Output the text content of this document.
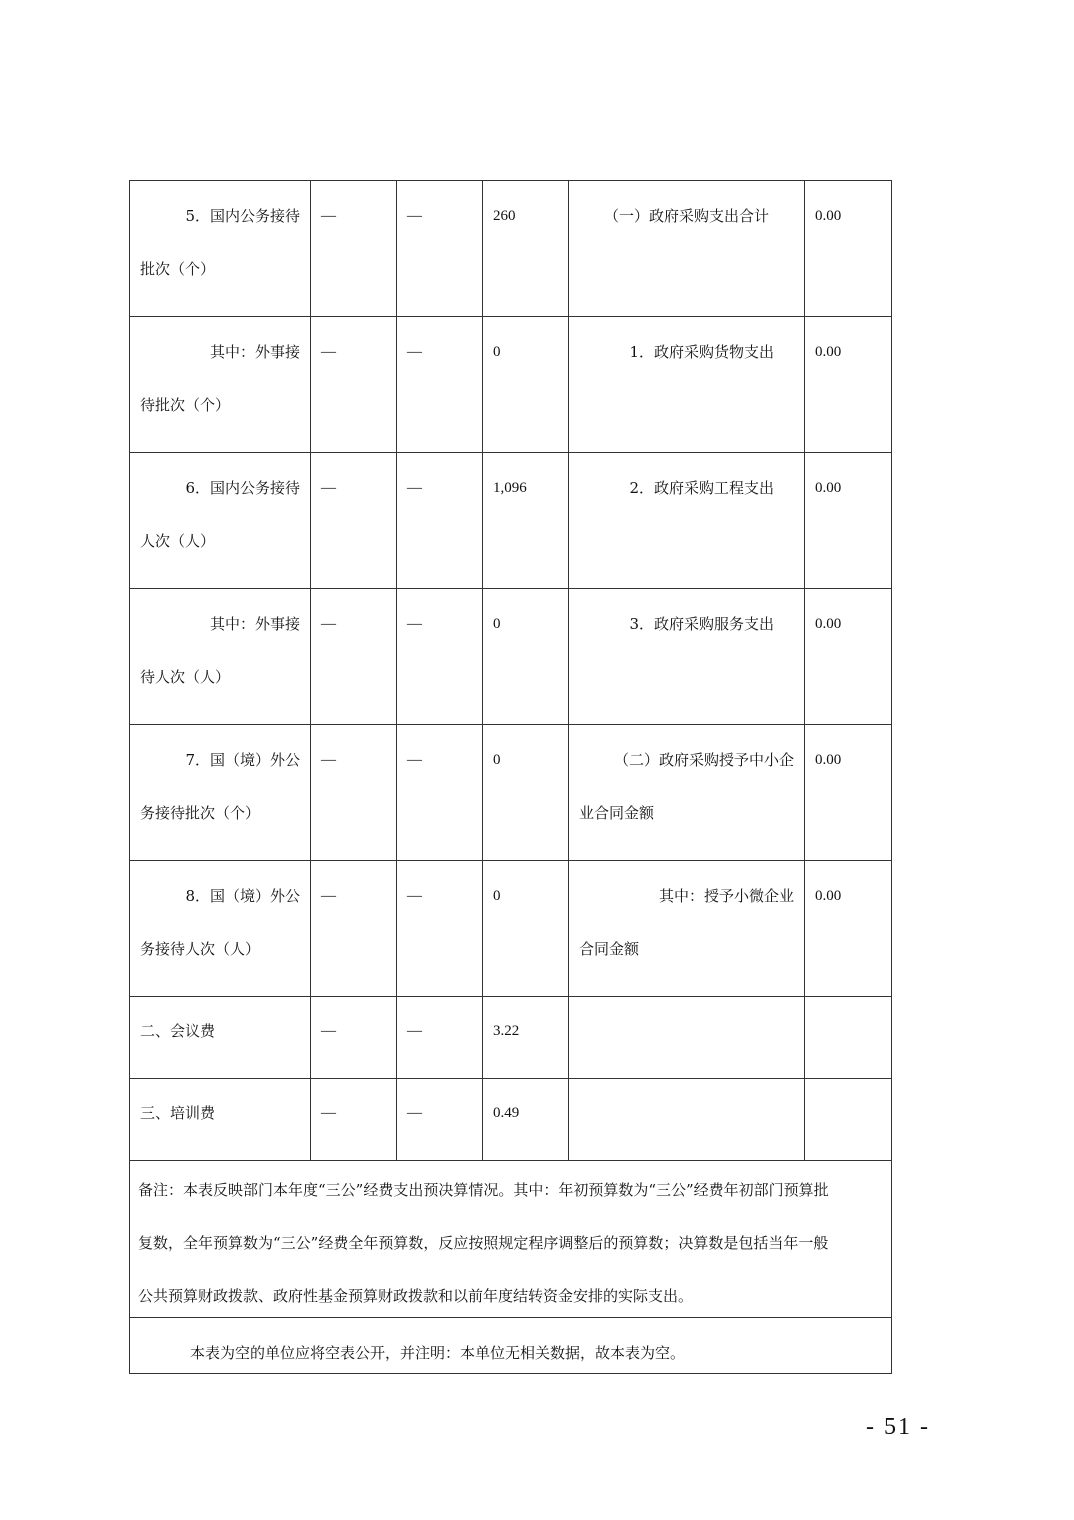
5．国内公务接待
批次（个）	—	—	260	（一）政府采购支出合计	0.00

其中：外事接
待批次（个）	—	—	0	1．政府采购货物支出	0.00

6．国内公务接待
人次（人）	—	—	1,096	2．政府采购工程支出	0.00

其中：外事接
待人次（人）	—	—	0	3．政府采购服务支出	0.00

7．国（境）外公
务接待批次（个）	—	—	0	（二）政府采购授予中小企
业合同金额	0.00

8．国（境）外公
务接待人次（人）	—	—	0	其中：授予小微企业
合同金额	0.00
二、会议费	—	—	3.22		
三、培训费	—	—	0.49		

备注：本表反映部门本年度“三公”经费支出预决算情况。其中：年初预算数为“三公”经费年初部门预算批
复数，全年预算数为“三公”经费全年预算数，反应按照规定程序调整后的预算数；决算数是包括当年一般
公共预算财政拨款、政府性基金预算财政拨款和以前年度结转资金安排的实际支出。					

本表为空的单位应将空表公开，并注明：本单位无相关数据，故本表为空。					
- 51 -
